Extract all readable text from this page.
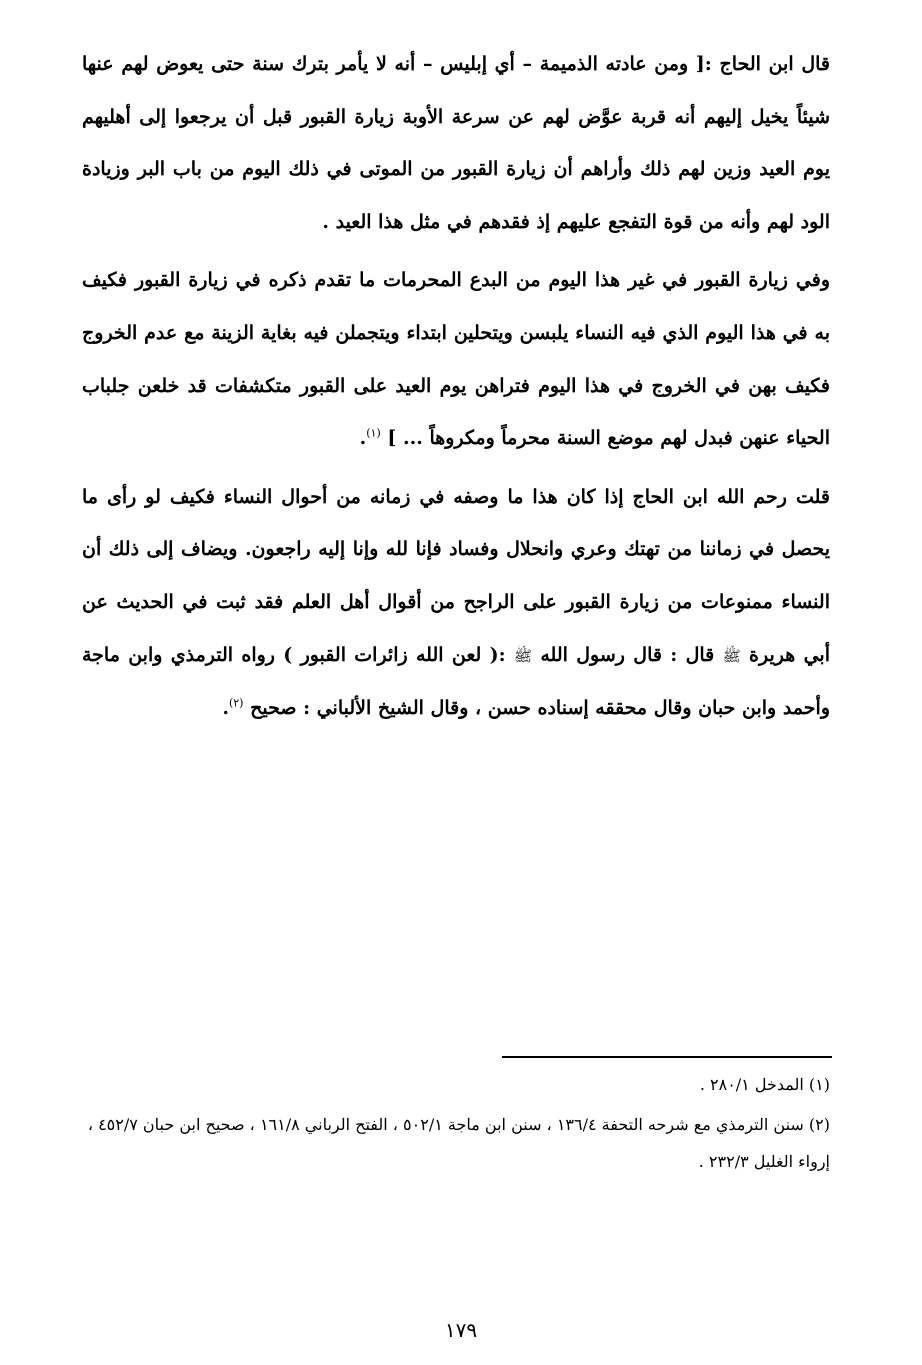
قال ابن الحاج :[ ومن عادته الذميمة – أي إبليس – أنه لا يأمر بترك سنة حتى يعوض لهم عنها شيئاً يخيل إليهم أنه قربة عوَّض لهم عن سرعة الأوبة زيارة القبور قبل أن يرجعوا إلى أهليهم يوم العيد وزين لهم ذلك وأراهم أن زيارة القبور من الموتى في ذلك اليوم من باب البر وزيادة الود لهم وأنه من قوة التفجع عليهم إذ فقدهم في مثل هذا العيد .

وفي زيارة القبور في غير هذا اليوم من البدع المحرمات ما تقدم ذكره في زيارة القبور فكيف به في هذا اليوم الذي فيه النساء يلبسن ويتحلين ابتداء ويتجملن فيه بغاية الزينة مع عدم الخروج فكيف بهن في الخروج في هذا اليوم فتراهن يوم العيد على القبور متكشفات قد خلعن جلباب الحياء عنهن فبدل لهم موضع السنة محرماً ومكروهاً ... ] $^{(١)}$.

قلت رحم الله ابن الحاج إذا كان هذا ما وصفه في زمانه من أحوال النساء فكيف لو رأى ما يحصل في زماننا من تهتك وعري وانحلال وفساد فإنا لله وإنا إليه راجعون. ويضاف إلى ذلك أن النساء ممنوعات من زيارة القبور على الراجح من أقوال أهل العلم فقد ثبت في الحديث عن أبي هريرة ﷺ قال : قال رسول الله ﷺ :( لعن الله زائرات القبور ) رواه الترمذي وابن ماجة وأحمد وابن حبان وقال محققه إسناده حسن ، وقال الشيخ الألباني : صحيح $^{(٢)}$.

(١) المدخل ٢٨٠/١ .

(٢) سنن الترمذي مع شرحه التحفة ١٣٦/٤ ، سنن ابن ماجة ٥٠٢/١ ، الفتح الرباني ١٦١/٨ ، صحيح ابن حبان ٤٥٢/٧ ، إرواء الغليل ٢٣٢/٣ .

١٧٩
